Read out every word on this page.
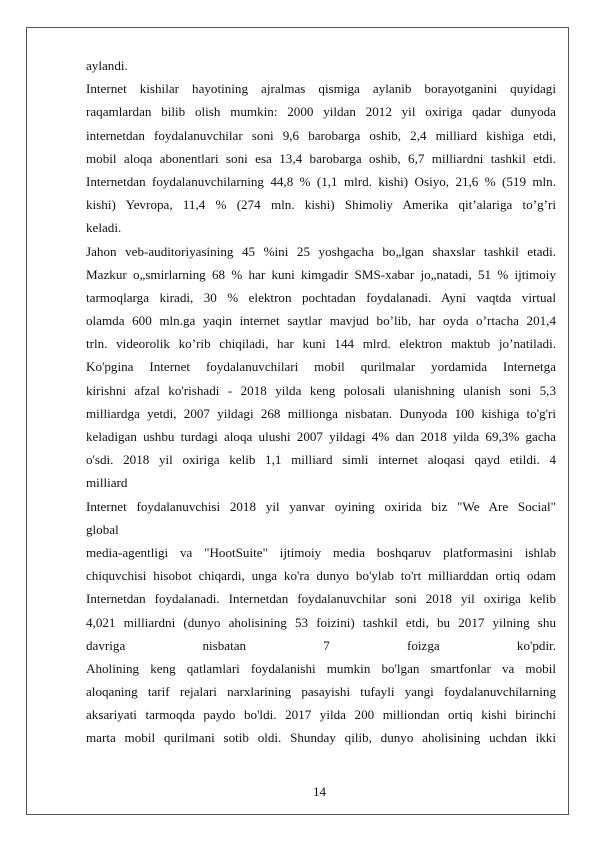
aylandi.
Internet kishilar hayotining ajralmas qismiga aylanib borayotganini quyidagi
raqamlardan bilib olish mumkin: 2000 yildan 2012 yil oxiriga qadar dunyoda
internetdan foydalanuvchilar soni 9,6 barobarga oshib, 2,4 milliard kishiga etdi,
mobil aloqa abonentlari soni esa 13,4 barobarga oshib, 6,7 milliardni tashkil etdi.
Internetdan foydalanuvchilarning 44,8 % (1,1 mlrd. kishi) Osiyo, 21,6 % (519 mln.
kishi) Yevropa, 11,4 % (274 mln. kishi) Shimoliy Amerika qit’alariga to’g’ri
keladi.
Jahon veb-auditoriyasining 45 %ini 25 yoshgacha bo„lgan shaxslar tashkil etadi.
Mazkur o„smirlarning 68 % har kuni kimgadir SMS-xabar jo„natadi, 51 % ijtimoiy
tarmoqlarga kiradi, 30 % elektron pochtadan foydalanadi. Ayni vaqtda virtual
olamda 600 mln.ga yaqin internet saytlar mavjud bo’lib, har oyda o’rtacha 201,4
trln. videorolik ko’rib chiqiladi, har kuni 144 mlrd. elektron maktub jo’natiladi.
Ko'pgina Internet foydalanuvchilari mobil qurilmalar yordamida Internetga
kirishni afzal ko'rishadi - 2018 yilda keng polosali ulanishning ulanish soni 5,3
milliardga yetdi, 2007 yildagi 268 millionga nisbatan. Dunyoda 100 kishiga to'g'ri
keladigan ushbu turdagi aloqa ulushi 2007 yildagi 4% dan 2018 yilda 69,3% gacha
o'sdi. 2018 yil oxiriga kelib 1,1 milliard simli internet aloqasi qayd etildi. 4
milliard
Internet foydalanuvchisi 2018 yil yanvar oyining oxirida biz "We Are Social"
global
media-agentligi va "HootSuite" ijtimoiy media boshqaruv platformasini ishlab
chiquvchisi hisobot chiqardi, unga ko'ra dunyo bo'ylab to'rt milliarddan ortiq odam
Internetdan foydalanadi. Internetdan foydalanuvchilar soni 2018 yil oxiriga kelib
4,021 milliardni (dunyo aholisining 53 foizini) tashkil etdi, bu 2017 yilning shu
davriga nisbatan 7 foizga ko'pdir.
Aholining keng qatlamlari foydalanishi mumkin bo'lgan smartfonlar va mobil
aloqaning tarif rejalari narxlarining pasayishi tufayli yangi foydalanuvchilarning
aksariyati tarmoqda paydo bo'ldi. 2017 yilda 200 milliondan ortiq kishi birinchi
marta mobil qurilmani sotib oldi. Shunday qilib, dunyo aholisining uchdan ikki
14
